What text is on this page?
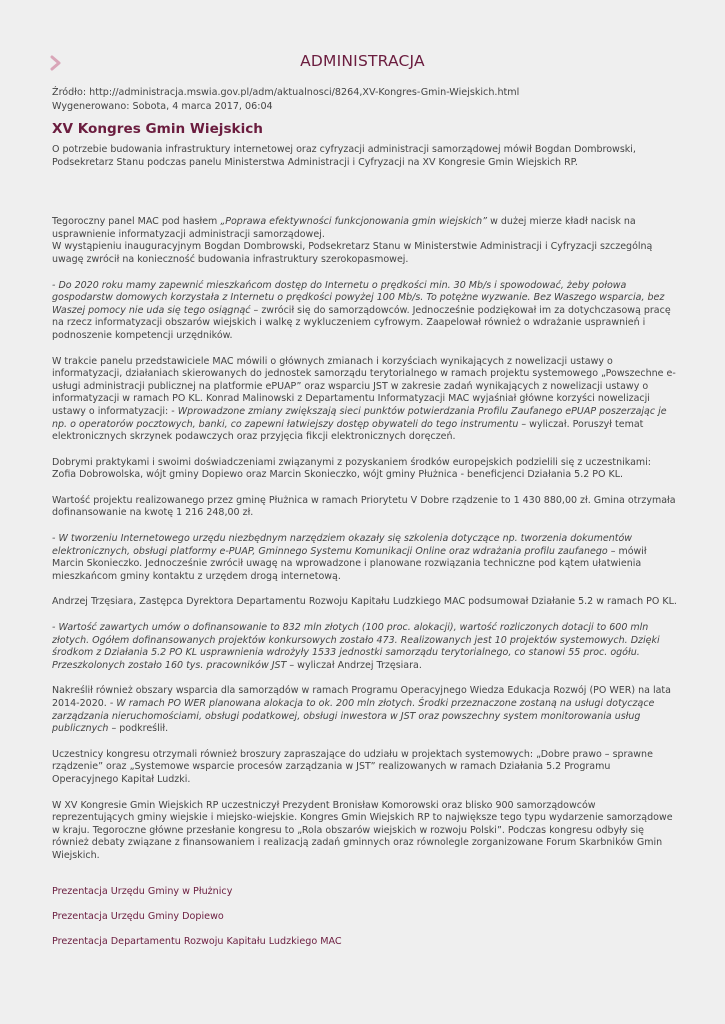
ADMINISTRACJA
Źródło: http://administracja.mswia.gov.pl/adm/aktualnosci/8264,XV-Kongres-Gmin-Wiejskich.html
Wygenerowano: Sobota, 4 marca 2017, 06:04
XV Kongres Gmin Wiejskich

O potrzebie budowania infrastruktury internetowej oraz cyfryzacji administracji samorządowej mówił Bogdan Dombrowski, Podsekretarz Stanu podczas panelu Ministerstwa Administracji i Cyfryzacji na XV Kongresie Gmin Wiejskich RP.

Tegoroczny panel MAC pod hasłem „Poprawa efektywności funkcjonowania gmin wiejskich” w dużej mierze kładł nacisk na usprawnienie informatyzacji administracji samorządowej.

W wystąpieniu inauguracyjnym Bogdan Dombrowski, Podsekretarz Stanu w Ministerstwie Administracji i Cyfryzacji szczególną uwagę zwrócił na konieczność budowania infrastruktury szerokopasmowej.

- Do 2020 roku mamy zapewnić mieszkańcom dostęp do Internetu o prędkości min. 30 Mb/s i spowodować, żeby połowa gospodarstw domowych korzystała z Internetu o prędkości powyżej 100 Mb/s. To potężne wyzwanie. Bez Waszego wsparcia, bez Waszej pomocy nie uda się tego osiągnąć – zwrócił się do samorządowców. Jednocześnie podziękował im za dotychczasową pracę na rzecz informatyzacji obszarów wiejskich i walkę z wykluczeniem cyfrowym. Zaapelował również o wdrażanie usprawnień i podnoszenie kompetencji urzędników.

W trakcie panelu przedstawiciele MAC mówili o głównych zmianach i korzyściach wynikających z nowelizacji ustawy o informatyzacji, działaniach skierowanych do jednostek samorządu terytorialnego w ramach projektu systemowego „Powszechne e-usługi administracji publicznej na platformie ePUAP” oraz wsparciu JST w zakresie zadań wynikających z nowelizacji ustawy o informatyzacji w ramach PO KL. Konrad Malinowski z Departamentu Informatyzacji MAC wyjaśniał główne korzyści nowelizacji ustawy o informatyzacji: - Wprowadzone zmiany zwiększają sieci punktów potwierdzania Profilu Zaufanego ePUAP poszerzając je np. o operatorów pocztowych, banki, co zapewni łatwiejszy dostęp obywateli do tego instrumentu – wyliczał. Poruszył temat elektronicznych skrzynek podawczych oraz przyjęcia fikcji elektronicznych doręczeń.

Dobrymi praktykami i swoimi doświadczeniami związanymi z pozyskaniem środków europejskich podzielili się z uczestnikami: Zofia Dobrowolska, wójt gminy Dopiewo oraz Marcin Skonieczko, wójt gminy Płużnica - beneficjenci Działania 5.2 PO KL.

Wartość projektu realizowanego przez gminę Płużnica w ramach Priorytetu V Dobre rządzenie to 1 430 880,00 zł. Gmina otrzymała dofinansowanie na kwotę 1 216 248,00 zł.

- W tworzeniu Internetowego urzędu niezbędnym narzędziem okazały się szkolenia dotyczące np. tworzenia dokumentów elektronicznych, obsługi platformy e-PUAP, Gminnego Systemu Komunikacji Online oraz wdrażania profilu zaufanego – mówił Marcin Skonieczko. Jednocześnie zwrócił uwagę na wprowadzone i planowane rozwiązania techniczne pod kątem ułatwienia mieszkańcom gminy kontaktu z urzędem drogą internetową.

Andrzej Trzęsiara, Zastępca Dyrektora Departamentu Rozwoju Kapitału Ludzkiego MAC podsumował Działanie 5.2 w ramach PO KL.

- Wartość zawartych umów o dofinansowanie to 832 mln złotych (100 proc. alokacji), wartość rozliczonych dotacji to 600 mln złotych. Ogółem dofinansowanych projektów konkursowych zostało 473. Realizowanych jest 10 projektów systemowych. Dzięki środkom z Działania 5.2 PO KL usprawnienia wdrożyły 1533 jednostki samorządu terytorialnego, co stanowi 55 proc. ogółu. Przeszkolonych zostało 160 tys. pracowników JST – wyliczał Andrzej Trzęsiara.

Nakreślił również obszary wsparcia dla samorządów w ramach Programu Operacyjnego Wiedza Edukacja Rozwój (PO WER) na lata 2014-2020. - W ramach PO WER planowana alokacja to ok. 200 mln złotych. Środki przeznaczone zostaną na usługi dotyczące zarządzania nieruchomościami, obsługi podatkowej, obsługi inwestora w JST oraz powszechny system monitorowania usług publicznych – podkreślił.

Uczestnicy kongresu otrzymali również broszury zapraszające do udziału w projektach systemowych: „Dobre prawo – sprawne rządzenie” oraz „Systemowe wsparcie procesów zarządzania w JST” realizowanych w ramach Działania 5.2 Programu Operacyjnego Kapitał Ludzki.

W XV Kongresie Gmin Wiejskich RP uczestniczył Prezydent Bronisław Komorowski oraz blisko 900 samorządowców reprezentujących gminy wiejskie i miejsko-wiejskie. Kongres Gmin Wiejskich RP to największe tego typu wydarzenie samorządowe w kraju. Tegoroczne główne przesłanie kongresu to „Rola obszarów wiejskich w rozwoju Polski”. Podczas kongresu odbyły się również debaty związane z finansowaniem i realizacją zadań gminnych oraz równolegle zorganizowane Forum Skarbników Gmin Wiejskich.

Prezentacja Urzędu Gminy w Płużnicy
Prezentacja Urzędu Gminy Dopiewo
Prezentacja Departamentu Rozwoju Kapitału Ludzkiego MAC
